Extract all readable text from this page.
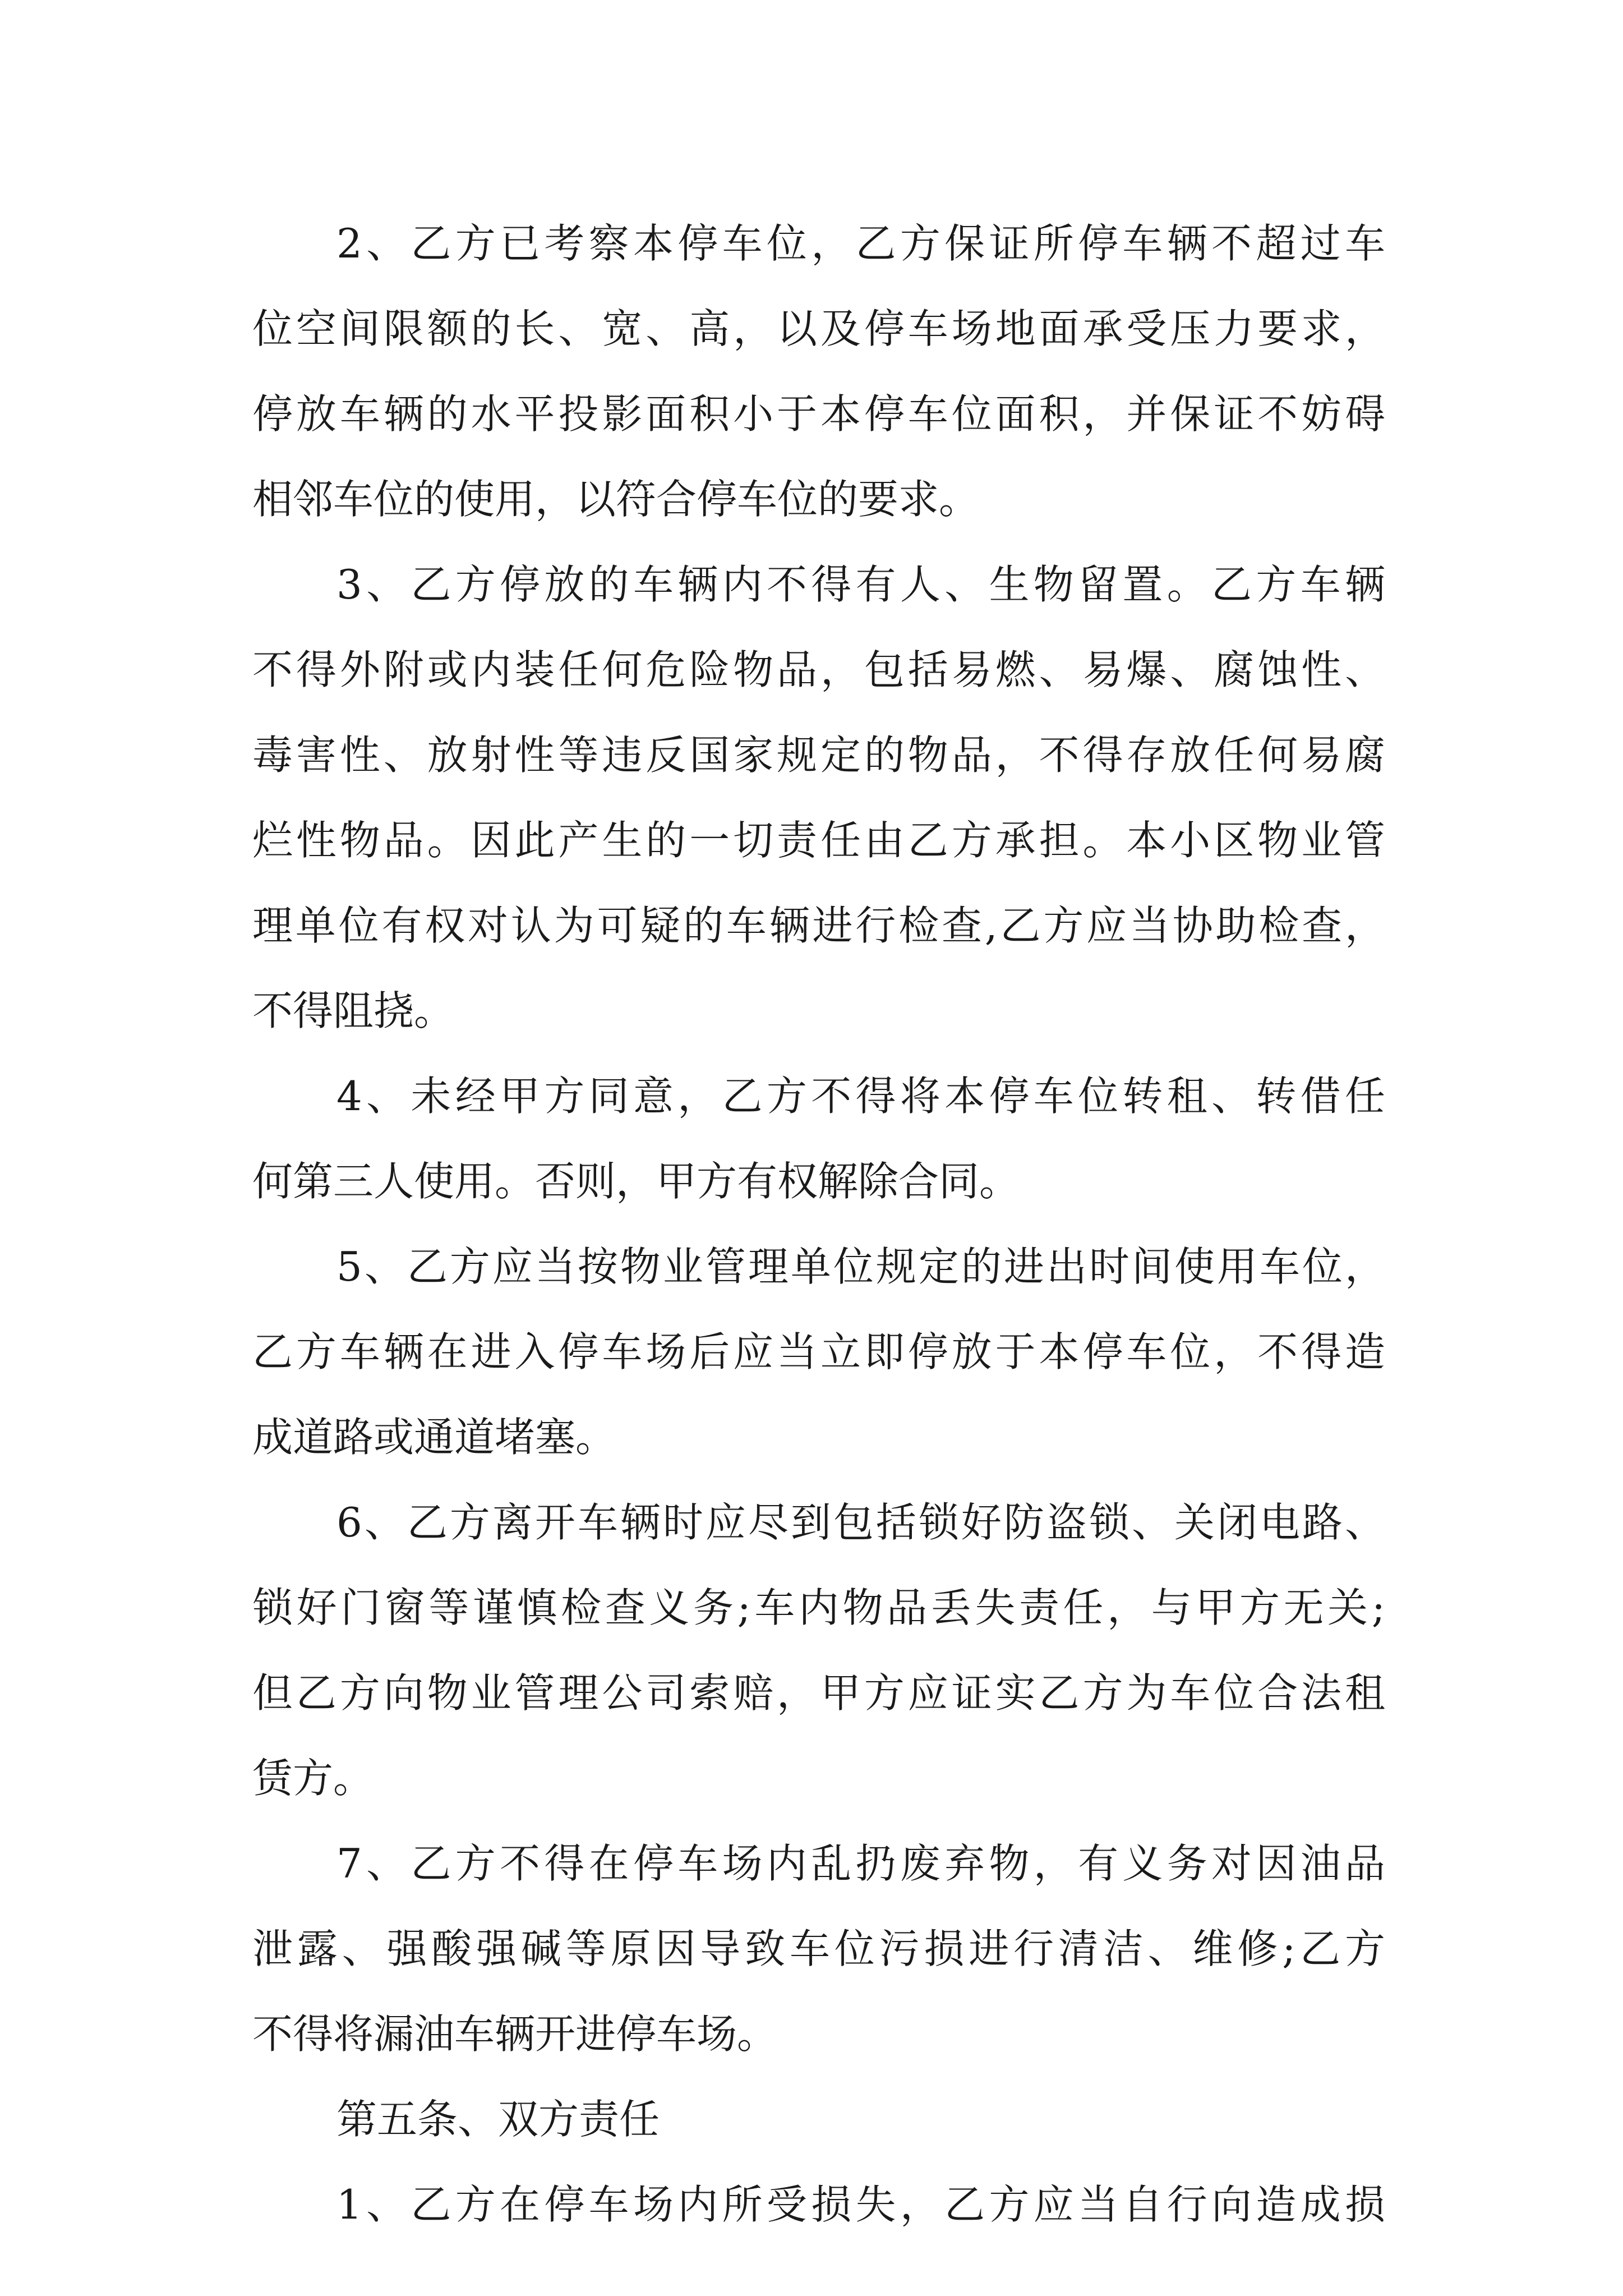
2、乙方已考察本停车位，乙方保证所停车辆不超过车
位空间限额的长、宽、高，以及停车场地面承受压力要求，
停放车辆的水平投影面积小于本停车位面积，并保证不妨碍
相邻车位的使用，以符合停车位的要求。
3、乙方停放的车辆内不得有人、生物留置。乙方车辆
不得外附或内装任何危险物品，包括易燃、易爆、腐蚀性、
毒害性、放射性等违反国家规定的物品，不得存放任何易腐
烂性物品。因此产生的一切责任由乙方承担。本小区物业管
理单位有权对认为可疑的车辆进行检查,乙方应当协助检查，
不得阻挠。
4、未经甲方同意，乙方不得将本停车位转租、转借任
何第三人使用。否则，甲方有权解除合同。
5、乙方应当按物业管理单位规定的进出时间使用车位，
乙方车辆在进入停车场后应当立即停放于本停车位，不得造
成道路或通道堵塞。
6、乙方离开车辆时应尽到包括锁好防盗锁、关闭电路、
锁好门窗等谨慎检查义务;车内物品丢失责任，与甲方无关;
但乙方向物业管理公司索赔，甲方应证实乙方为车位合法租
赁方。
7、乙方不得在停车场内乱扔废弃物，有义务对因油品
泄露、强酸强碱等原因导致车位污损进行清洁、维修;乙方
不得将漏油车辆开进停车场。
第五条、双方责任
1、乙方在停车场内所受损失，乙方应当自行向造成损
